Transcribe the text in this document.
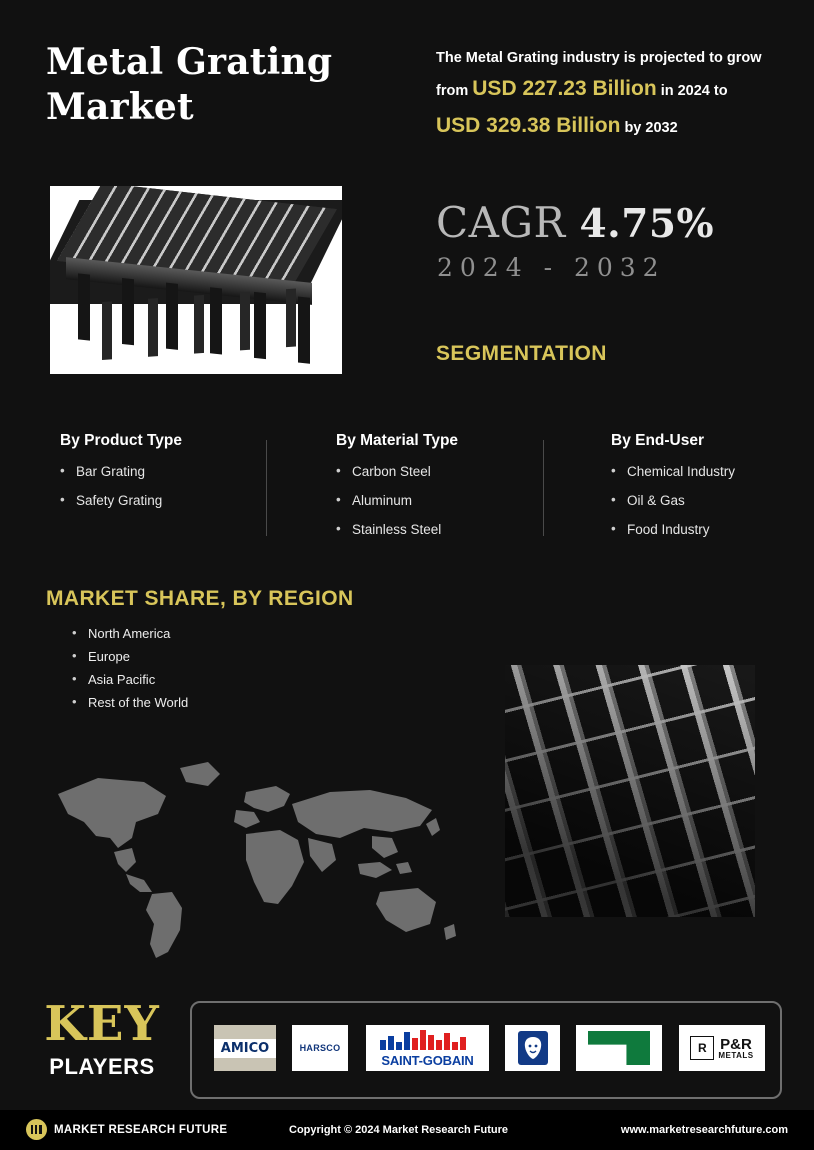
Metal Grating Market
The Metal Grating industry is projected to grow
from USD 227.23 Billion in 2024 to
USD 329.38 Billion by 2032
CAGR 4.75%
2024 - 2032
SEGMENTATION
By Product Type
• Bar Grating
• Safety Grating
By Material Type
• Carbon Steel
• Aluminum
• Stainless Steel
By End-User
• Chemical Industry
• Oil & Gas
• Food Industry
MARKET SHARE, BY REGION
• North America
• Europe
• Asia Pacific
• Rest of the World
KEY
PLAYERS
AMICO	HARSCO
SAINT-GOBAIN
R P&R
METALS
MARKET RESEARCH FUTURE	Copyright © 2024 Market Research Future	www.marketresearchfuture.com
